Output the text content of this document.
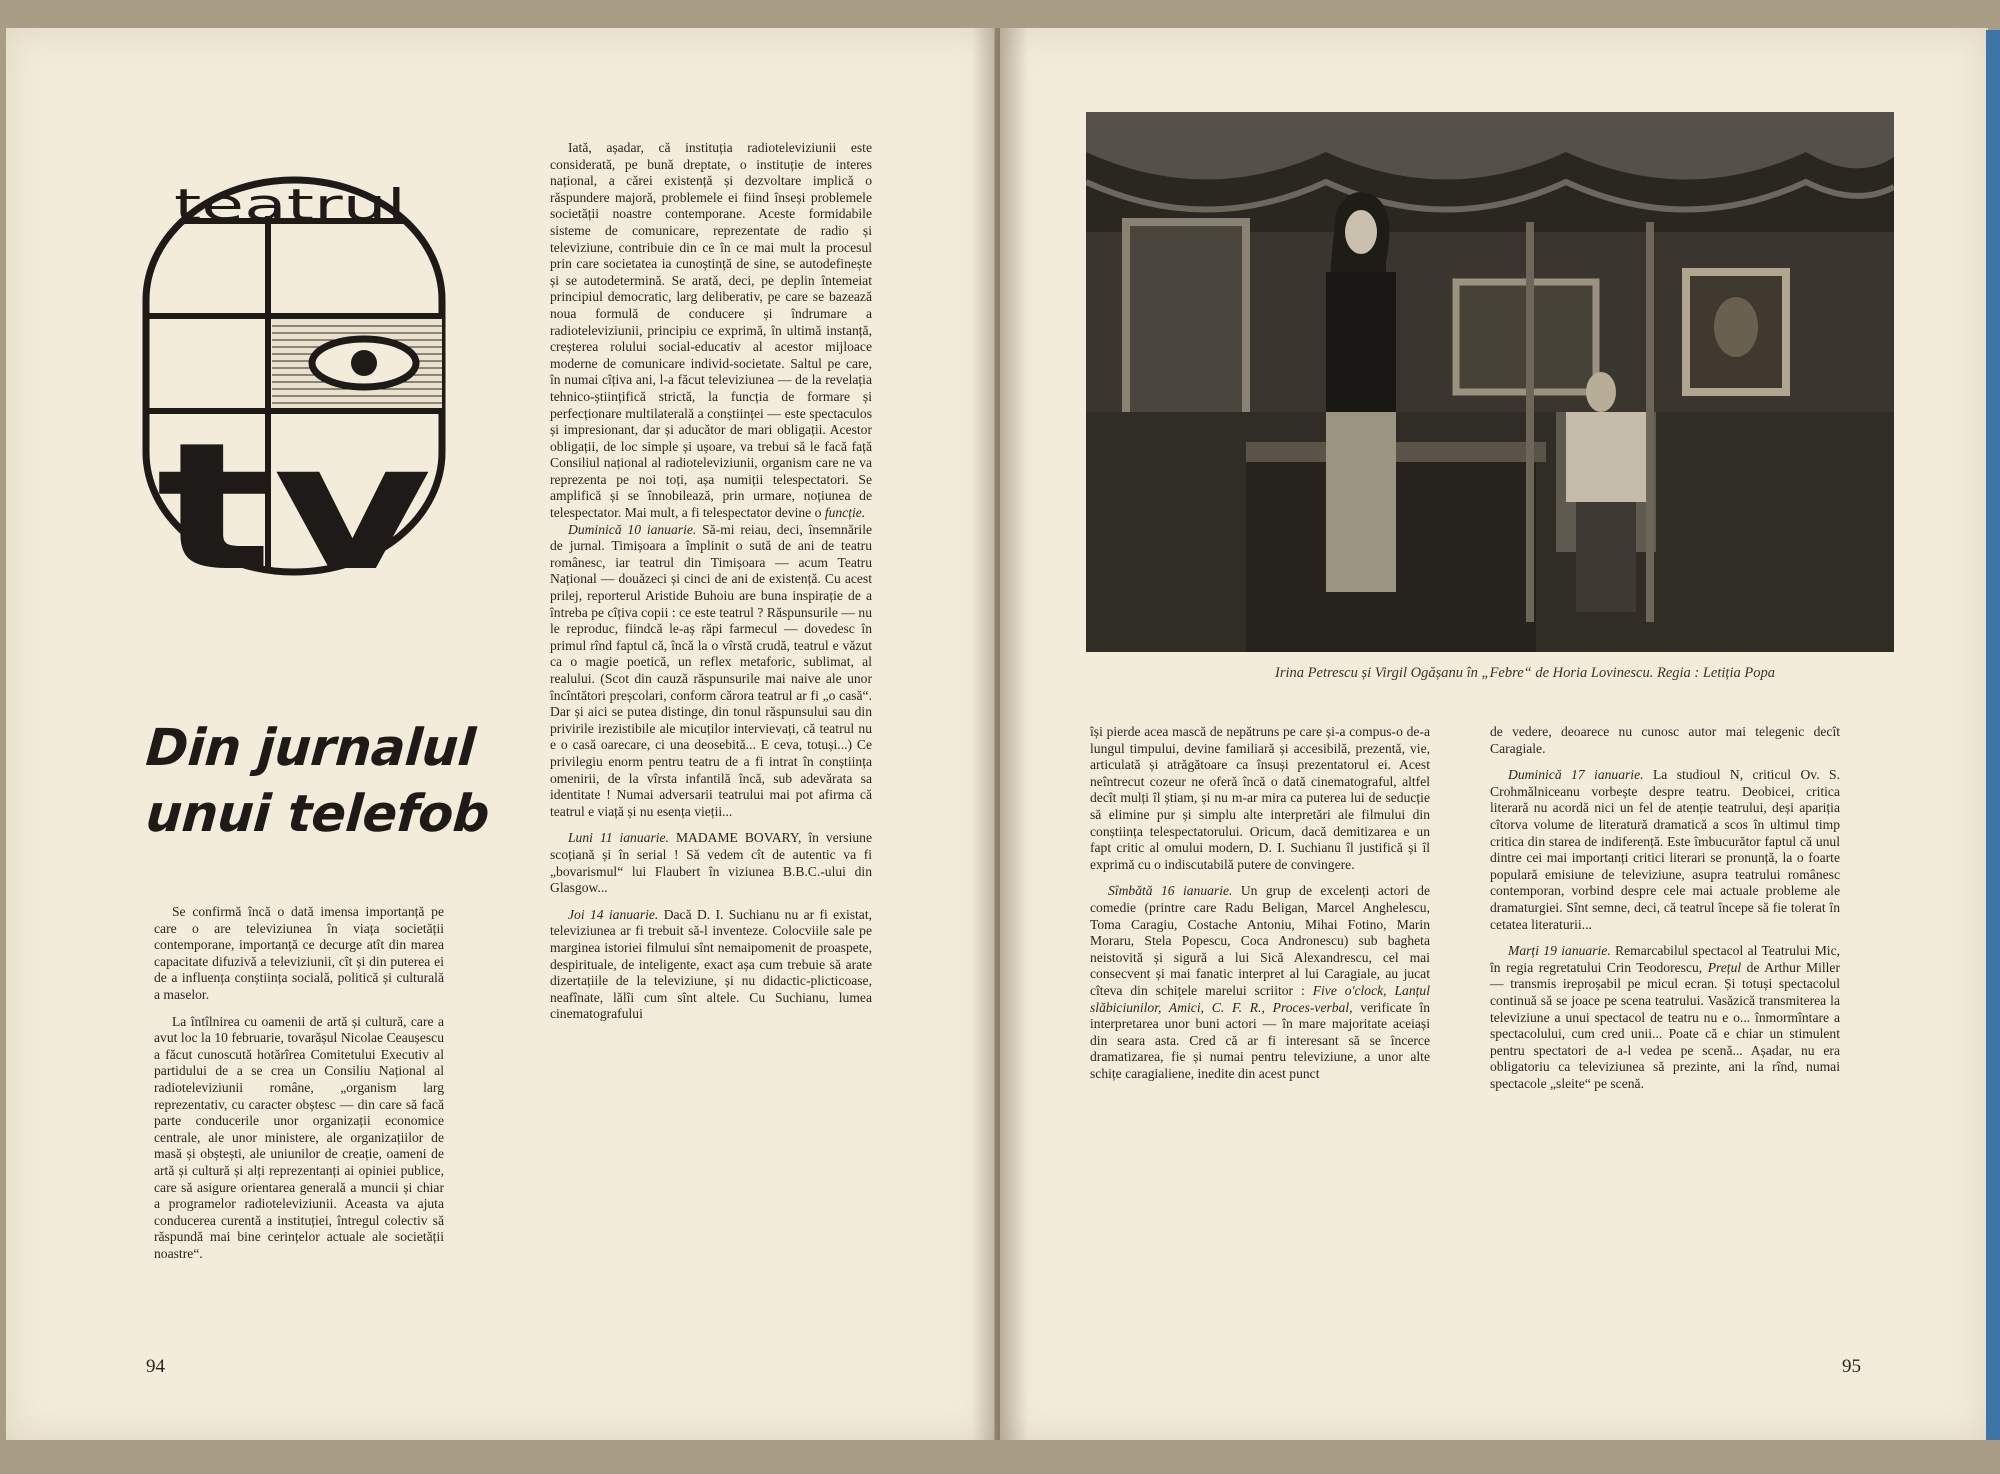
teatrul
tv
Din jurnalul
unui telefob

Se confirmă încă o dată imensa importanță pe care o are televiziunea în viața societății contemporane, importanță ce decurge atît din marea capacitate difuzivă a televiziunii, cît și din puterea ei de a influența conștiința socială, politică și culturală a maselor.

La întîlnirea cu oamenii de artă și cultură, care a avut loc la 10 februarie, tovarășul Nicolae Ceaușescu a făcut cunoscută hotărîrea Comitetului Executiv al partidului de a se crea un Consiliu Național al radioteleviziunii române, „organism larg reprezentativ, cu caracter obștesc — din care să facă parte conducerile unor organizații economice centrale, ale unor ministere, ale organizațiilor de masă și obștești, ale uniunilor de creație, oameni de artă și cultură și alți reprezentanți ai opiniei publice, care să asigure orientarea generală a muncii și chiar a programelor radioteleviziunii. Aceasta va ajuta conducerea curentă a instituției, întregul colectiv să răspundă mai bine cerințelor actuale ale societății noastre“.

Iată, așadar, că instituția radioteleviziunii este considerată, pe bună dreptate, o instituție de interes național, a cărei existență și dezvoltare implică o răspundere majoră, problemele ei fiind înseși problemele societății noastre contemporane. Aceste formidabile sisteme de comunicare, reprezentate de radio și televiziune, contribuie din ce în ce mai mult la procesul prin care societatea ia cunoștință de sine, se autodefinește și se autodetermină. Se arată, deci, pe deplin întemeiat principiul democratic, larg deliberativ, pe care se bazează noua formulă de conducere și îndrumare a radioteleviziunii, principiu ce exprimă, în ultimă instanță, creșterea rolului social-educativ al acestor mijloace moderne de comunicare individ-societate. Saltul pe care, în numai cîțiva ani, l-a făcut televiziunea — de la revelația tehnico-științifică strictă, la funcția de formare și perfecționare multilaterală a conștiinței — este spectaculos și impresionant, dar și aducător de mari obligații. Acestor obligații, de loc simple și ușoare, va trebui să le facă față Consiliul național al radioteleviziunii, organism care ne va reprezenta pe noi toți, așa numiții telespectatori. Se amplifică și se înnobilează, prin urmare, noțiunea de telespectator. Mai mult, a fi telespectator devine o funcție.

Duminică 10 ianuarie. Să-mi reiau, deci, însemnările de jurnal. Timișoara a împlinit o sută de ani de teatru românesc, iar teatrul din Timișoara — acum Teatru Național — douăzeci și cinci de ani de existență. Cu acest prilej, reporterul Aristide Buhoiu are buna inspirație de a întreba pe cîțiva copii : ce este teatrul ? Răspunsurile — nu le reproduc, fiindcă le-aș răpi farmecul — dovedesc în primul rînd faptul că, încă la o vîrstă crudă, teatrul e văzut ca o magie poetică, un reflex metaforic, sublimat, al realului. (Scot din cauză răspunsurile mai naive ale unor încîntători preșcolari, conform cărora teatrul ar fi „o casă“. Dar și aici se putea distinge, din tonul răspunsului sau din privirile irezistibile ale micuților intervievați, că teatrul nu e o casă oarecare, ci una deosebită... E ceva, totuși...) Ce privilegiu enorm pentru teatru de a fi intrat în conștiința omenirii, de la vîrsta infantilă încă, sub adevărata sa identitate ! Numai adversarii teatrului mai pot afirma că teatrul e viață și nu esența vieții...

Luni 11 ianuarie. MADAME BOVARY, în versiune scoțiană și în serial ! Să vedem cît de autentic va fi „bovarismul“ lui Flaubert în viziunea B.B.C.-ului din Glasgow...

Joi 14 ianuarie. Dacă D. I. Suchianu nu ar fi existat, televiziunea ar fi trebuit să-l inventeze. Colocviile sale pe marginea istoriei filmului sînt nemaipomenit de proaspete, despirituale, de inteligente, exact așa cum trebuie să arate dizertațiile de la televiziune, și nu didactic-plicticoase, neafînate, lălîi cum sînt altele. Cu Suchianu, lumea cinematografului

94
Irina Petrescu și Virgil Ogășanu în „Febre“ de Horia Lovinescu. Regia : Letiția Popa

își pierde acea mască de nepătruns pe care și-a compus-o de-a lungul timpului, devine familiară și accesibilă, prezentă, vie, articulată și atrăgătoare ca însuși prezentatorul ei. Acest neîntrecut cozeur ne oferă încă o dată cinematograful, altfel decît mulți îl știam, și nu m-ar mira ca puterea lui de seducție să elimine pur și simplu alte interpretări ale filmului din conștiința telespectatorului. Oricum, dacă demitizarea e un fapt critic al omului modern, D. I. Suchianu îl justifică și îl exprimă cu o indiscutabilă putere de convingere.

Sîmbătă 16 ianuarie. Un grup de excelenți actori de comedie (printre care Radu Beligan, Marcel Anghelescu, Toma Caragiu, Costache Antoniu, Mihai Fotino, Marin Moraru, Stela Popescu, Coca Andronescu) sub bagheta neistovită și sigură a lui Sică Alexandrescu, cel mai consecvent și mai fanatic interpret al lui Caragiale, au jucat cîteva din schițele marelui scriitor : Five o'clock, Lanțul slăbiciunilor, Amici, C. F. R., Proces-verbal, verificate în interpretarea unor buni actori — în mare majoritate aceiași din seara asta. Cred că ar fi interesant să se încerce dramatizarea, fie și numai pentru televiziune, a unor alte schițe caragialiene, inedite din acest punct

de vedere, deoarece nu cunosc autor mai telegenic decît Caragiale.

Duminică 17 ianuarie. La studioul N, criticul Ov. S. Crohmălniceanu vorbește despre teatru. Deobicei, critica literară nu acordă nici un fel de atenție teatrului, deși apariția cîtorva volume de literatură dramatică a scos în ultimul timp critica din starea de indiferență. Este îmbucurător faptul că unul dintre cei mai importanți critici literari se pronunță, la o foarte populară emisiune de televiziune, asupra teatrului românesc contemporan, vorbind despre cele mai actuale probleme ale dramaturgiei. Sînt semne, deci, că teatrul începe să fie tolerat în cetatea literaturii...

Marți 19 ianuarie. Remarcabilul spectacol al Teatrului Mic, în regia regretatului Crin Teodorescu, Prețul de Arthur Miller — transmis ireproșabil pe micul ecran. Și totuși spectacolul continuă să se joace pe scena teatrului. Vasăzică transmiterea la televiziune a unui spectacol de teatru nu e o... înmormîntare a spectacolului, cum cred unii... Poate că e chiar un stimulent pentru spectatori de a-l vedea pe scenă... Așadar, nu era obligatoriu ca televiziunea să prezinte, ani la rînd, numai spectacole „sleite“ pe scenă.

95
